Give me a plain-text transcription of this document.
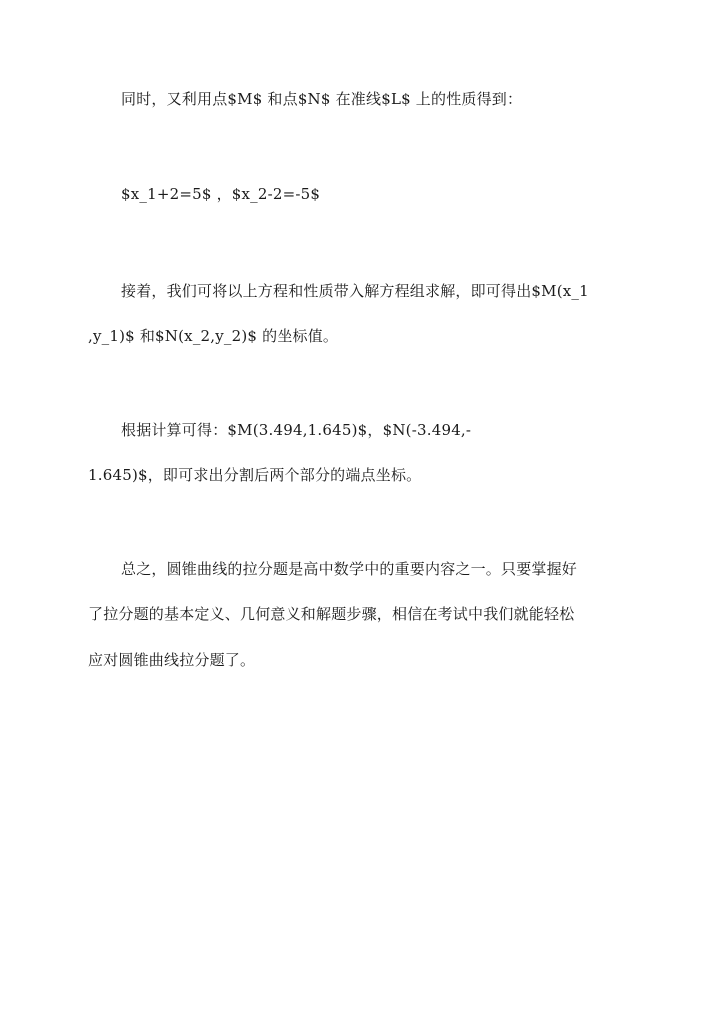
同时，又利用点$M$ 和点$N$ 在准线$L$ 上的性质得到：
$x_1+2=5$ ，$x_2-2=-5$
接着，我们可将以上方程和性质带入解方程组求解，即可得出$M(x_1
,y_1)$ 和$N(x_2,y_2)$ 的坐标值。
根据计算可得：$M(3.494,1.645)$，$N(-3.494,-
1.645)$，即可求出分割后两个部分的端点坐标。
总之，圆锥曲线的拉分题是高中数学中的重要内容之一。只要掌握好
了拉分题的基本定义、几何意义和解题步骤，相信在考试中我们就能轻松
应对圆锥曲线拉分题了。
